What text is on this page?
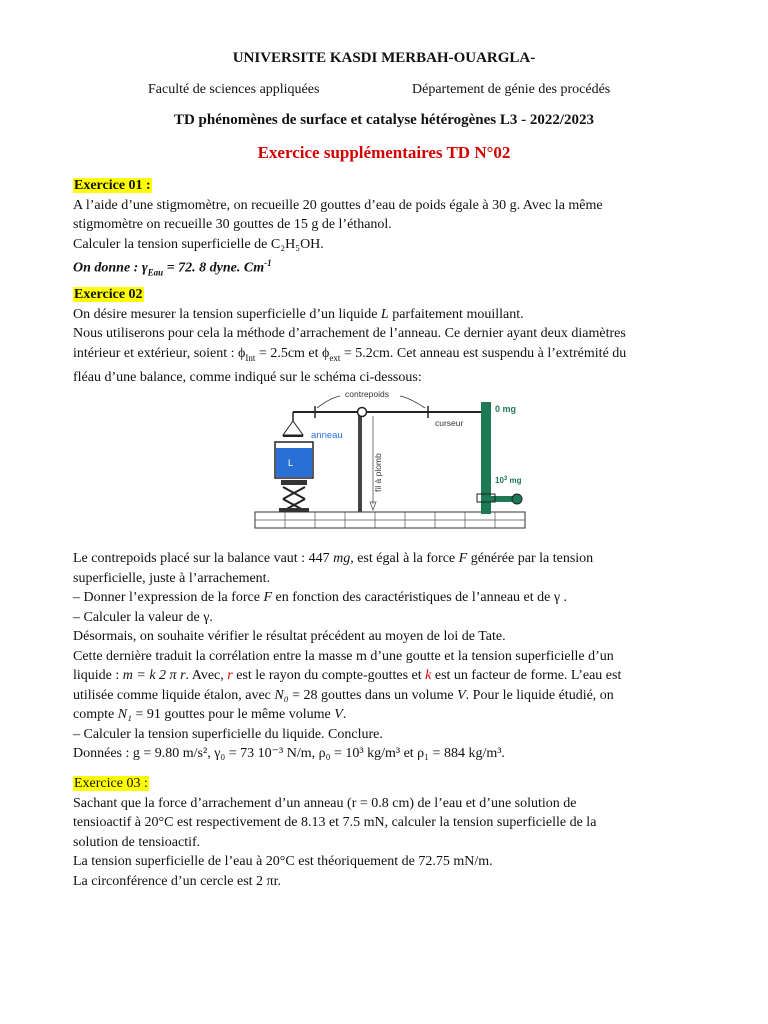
UNIVERSITE KASDI MERBAH-OUARGLA-
Faculté de sciences appliquées	Département de génie des procédés
TD phénomènes de surface et catalyse hétérogènes L3 - 2022/2023
Exercice supplémentaires TD N°02

Exercice 01 :

A l’aide d’une stigmomètre, on recueille 20 gouttes d’eau de poids égale à 30 g. Avec la même

stigmomètre on recueille 30 gouttes de 15 g de l’éthanol.

Calculer la tension superficielle de C₂H₅OH.

On donne : $\gamma_{Eau} = 72$. 8 dyne. $Cm^{-1}$

Exercice 02

On désire mesurer la tension superficielle d’un liquide L parfaitement mouillant.

Nous utiliserons pour cela la méthode d’arrachement de l’anneau. Ce dernier ayant deux diamètres

intérieur et extérieur, soient : $\phi_{Int} = 2.5cm$ et $\phi_{ext} = 5.2cm$. Cet anneau est suspendu à l’extrémité du

fléau d’une balance, comme indiqué sur le schéma ci-dessous:

contrepoids
anneau
L	fil à plomb
curseur
0 mg
$10^3$ mg

Le contrepoids placé sur la balance vaut : 447 mg, est égal à la force F générée par la tension

superficielle, juste à l’arrachement.

– Donner l’expression de la force F en fonction des caractéristiques de l’anneau et de γ .

– Calculer la valeur de γ.

Désormais, on souhaite vérifier le résultat précédent au moyen de loi de Tate.

Cette dernière traduit la corrélation entre la masse m d’une goutte et la tension superficielle d’un

liquide : m = k 2 π r. Avec, r est le rayon du compte-gouttes et k est un facteur de forme. L’eau est

utilisée comme liquide étalon, avec N₀ = 28 gouttes dans un volume V. Pour le liquide étudié, on

compte N₁ = 91 gouttes pour le même volume V.

– Calculer la tension superficielle du liquide. Conclure.

Données : g = 9.80 m/s², γ₀ = 73 10⁻³ N/m, ρ₀ = 10³ kg/m³ et ρ₁ = 884 kg/m³.

Exercice 03 :

Sachant que la force d’arrachement d’un anneau (r = 0.8 cm) de l’eau et d’une solution de

tensioactif à 20°C est respectivement de 8.13 et 7.5 mN, calculer la tension superficielle de la

solution de tensioactif.

La tension superficielle de l’eau à 20°C est théoriquement de 72.75 mN/m.

La circonférence d’un cercle est 2 πr.
